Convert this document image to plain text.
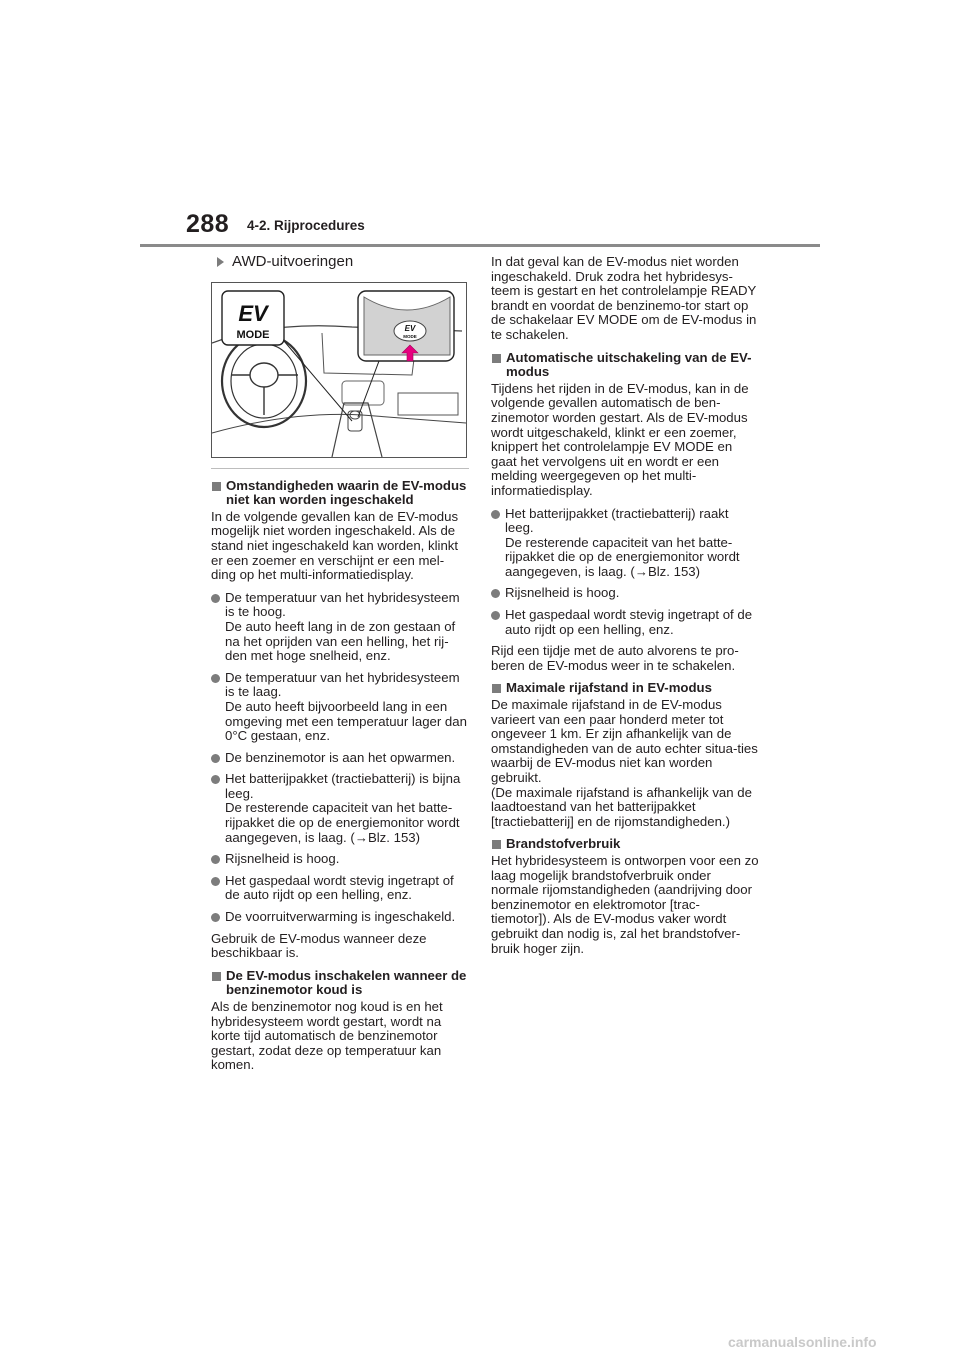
288 4-2. Rijprocedures
AWD-uitvoeringen
EV
MODE
EV
MODE
Omstandigheden waarin de EV-modus niet kan worden ingeschakeld

In de volgende gevallen kan de EV-modus mogelijk niet worden ingeschakeld. Als de stand niet ingeschakeld kan worden, klinkt er een zoemer en verschijnt er een mel-ding op het multi-informatiedisplay.

De temperatuur van het hybridesysteem is te hoog.
De auto heeft lang in de zon gestaan of na het oprijden van een helling, het rij-den met hoge snelheid, enz.
De temperatuur van het hybridesysteem is te laag.
De auto heeft bijvoorbeeld lang in een omgeving met een temperatuur lager dan 0°C gestaan, enz.
De benzinemotor is aan het opwarmen.
Het batterijpakket (tractiebatterij) is bijna leeg.
De resterende capaciteit van het batte-rijpakket die op de energiemonitor wordt aangegeven, is laag. (→Blz. 153)
Rijsnelheid is hoog.
Het gaspedaal wordt stevig ingetrapt of de auto rijdt op een helling, enz.
De voorruitverwarming is ingeschakeld.

Gebruik de EV-modus wanneer deze beschikbaar is.

De EV-modus inschakelen wanneer de benzinemotor koud is

Als de benzinemotor nog koud is en het hybridesysteem wordt gestart, wordt na korte tijd automatisch de benzinemotor gestart, zodat deze op temperatuur kan komen.

In dat geval kan de EV-modus niet worden ingeschakeld. Druk zodra het hybridesys-teem is gestart en het controlelampje READY brandt en voordat de benzinemo-tor start op de schakelaar EV MODE om de EV-modus in te schakelen.

Automatische uitschakeling van de EV-modus

Tijdens het rijden in de EV-modus, kan in de volgende gevallen automatisch de ben-zinemotor worden gestart. Als de EV-modus wordt uitgeschakeld, klinkt er een zoemer, knippert het controlelampje EV MODE en gaat het vervolgens uit en wordt er een melding weergegeven op het multi-informatiedisplay.

Het batterijpakket (tractiebatterij) raakt leeg.
De resterende capaciteit van het batte-rijpakket die op de energiemonitor wordt aangegeven, is laag. (→Blz. 153)
Rijsnelheid is hoog.
Het gaspedaal wordt stevig ingetrapt of de auto rijdt op een helling, enz.

Rijd een tijdje met de auto alvorens te pro-beren de EV-modus weer in te schakelen.

Maximale rijafstand in EV-modus

De maximale rijafstand in de EV-modus varieert van een paar honderd meter tot ongeveer 1 km. Er zijn afhankelijk van de omstandigheden van de auto echter situa-ties waarbij de EV-modus niet kan worden gebruikt.

(De maximale rijafstand is afhankelijk van de laadtoestand van het batterijpakket [tractiebatterij] en de rijomstandigheden.)

Brandstofverbruik

Het hybridesysteem is ontworpen voor een zo laag mogelijk brandstofverbruik onder normale rijomstandigheden (aandrijving door benzinemotor en elektromotor [trac-tiemotor]). Als de EV-modus vaker wordt gebruikt dan nodig is, zal het brandstofver-bruik hoger zijn.

carmanualsonline.info
